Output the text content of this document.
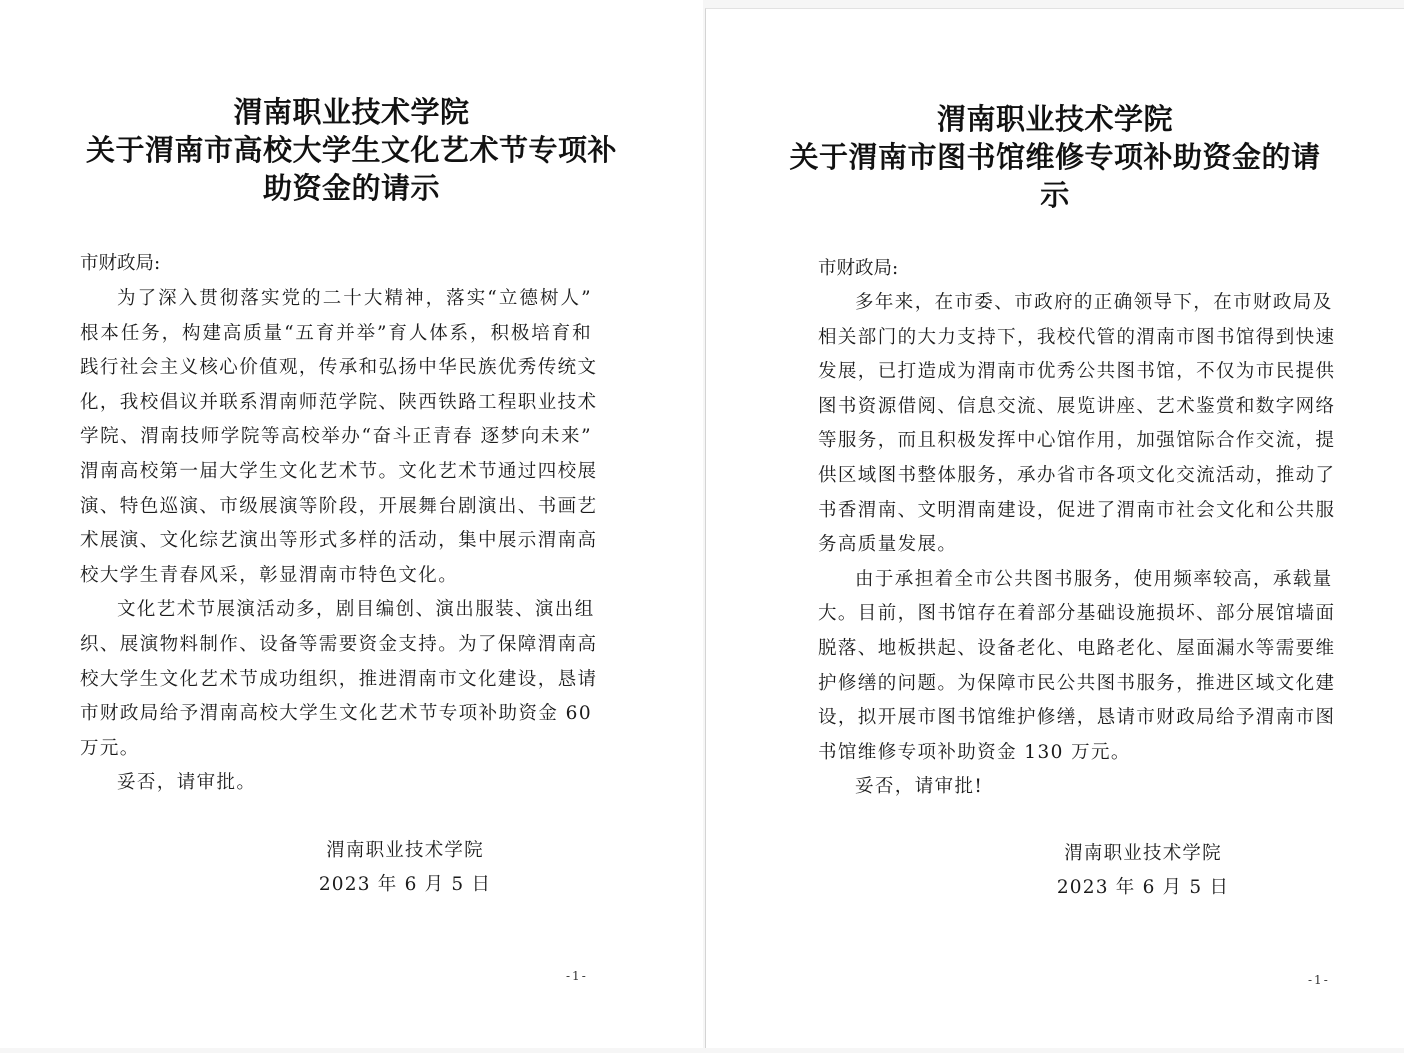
渭南职业技术学院
关于渭南市高校大学生文化艺术节专项补
助资金的请示
市财政局:
为了深入贯彻落实党的二十大精神，落实“立德树人”
根本任务，构建高质量“五育并举”育人体系，积极培育和
践行社会主义核心价值观，传承和弘扬中华民族优秀传统文
化，我校倡议并联系渭南师范学院、陕西铁路工程职业技术
学院、渭南技师学院等高校举办“奋斗正青春 逐梦向未来”
渭南高校第一届大学生文化艺术节。文化艺术节通过四校展
演、特色巡演、市级展演等阶段，开展舞台剧演出、书画艺
术展演、文化综艺演出等形式多样的活动，集中展示渭南高
校大学生青春风采，彰显渭南市特色文化。
文化艺术节展演活动多，剧目编创、演出服装、演出组
织、展演物料制作、设备等需要资金支持。为了保障渭南高
校大学生文化艺术节成功组织，推进渭南市文化建设，恳请
市财政局给予渭南高校大学生文化艺术节专项补助资金 60
万元。
妥否，请审批。
渭南职业技术学院
2023 年 6 月 5 日
-1-
渭南职业技术学院
关于渭南市图书馆维修专项补助资金的请
示
市财政局:
多年来，在市委、市政府的正确领导下，在市财政局及
相关部门的大力支持下，我校代管的渭南市图书馆得到快速
发展，已打造成为渭南市优秀公共图书馆，不仅为市民提供
图书资源借阅、信息交流、展览讲座、艺术鉴赏和数字网络
等服务，而且积极发挥中心馆作用，加强馆际合作交流，提
供区域图书整体服务，承办省市各项文化交流活动，推动了
书香渭南、文明渭南建设，促进了渭南市社会文化和公共服
务高质量发展。
由于承担着全市公共图书服务，使用频率较高，承载量
大。目前，图书馆存在着部分基础设施损坏、部分展馆墙面
脱落、地板拱起、设备老化、电路老化、屋面漏水等需要维
护修缮的问题。为保障市民公共图书服务，推进区域文化建
设，拟开展市图书馆维护修缮，恳请市财政局给予渭南市图
书馆维修专项补助资金 130 万元。
妥否，请审批!
渭南职业技术学院
2023 年 6 月 5 日
-1-
